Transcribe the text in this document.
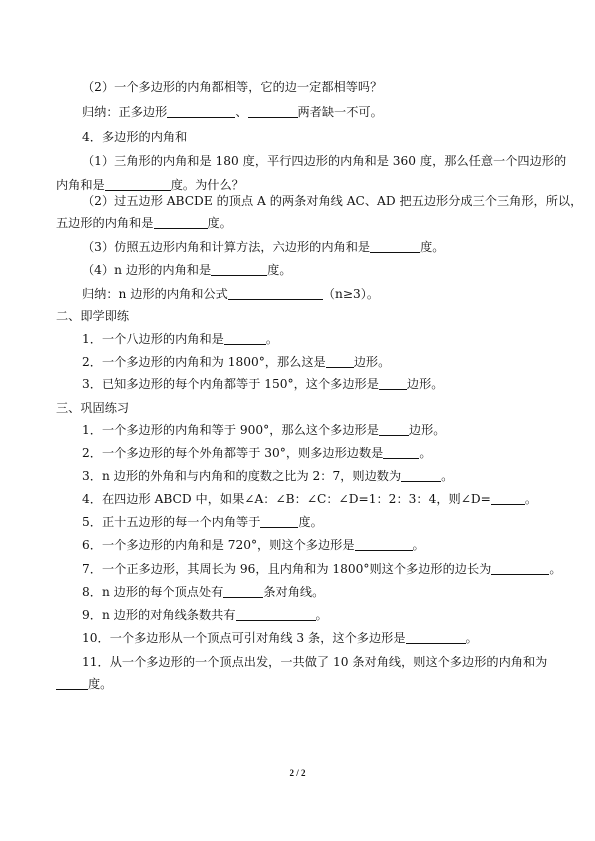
（2）一个多边形的内角都相等，它的边一定都相等吗？
归纳：正多边形	、	两者缺一不可。
4．多边形的内角和
（1）三角形的内角和是 180 度，平行四边形的内角和是 360 度，那么任意一个四边形的
内角和是	度。为什么？
（2）过五边形 ABCDE 的顶点 A 的两条对角线 AC、AD 把五边形分成三个三角形，所以，
五边形的内角和是	度。
（3）仿照五边形内角和计算方法，六边形的内角和是	度。
（4）n 边形的内角和是	度。
归纳：n 边形的内角和公式	（n≥3）。
二、即学即练
1．一个八边形的内角和是	。
2．一个多边形的内角和为 1800°，那么这是 边形。
3．已知多边形的每个内角都等于 150°，这个多边形是 边形。
三、巩固练习
1．一个多边形的内角和等于 900°，那么这个多边形是 边形。
2．一个多边形的每个外角都等于 30°，则多边形边数是	。
3．n 边形的外角和与内角和的度数之比为 2：7，则边数为	。
4．在四边形 ABCD 中，如果∠A：∠B：∠C：∠D=1：2：3：4，则∠D=	。
5．正十五边形的每一个内角等于	度。
6．一个多边形的内角和是 720°，则这个多边形是	。
7．一个正多边形，其周长为 96，且内角和为 1800°则这个多边形的边长为	。
8．n 边形的每个顶点处有	条对角线。
9．n 边形的对角线条数共有	。
10．一个多边形从一个顶点可引对角线 3 条，这个多边形是	。
11．从一个多边形的一个顶点出发，一共做了 10 条对角线，则这个多边形的内角和为
度。
2 / 2
